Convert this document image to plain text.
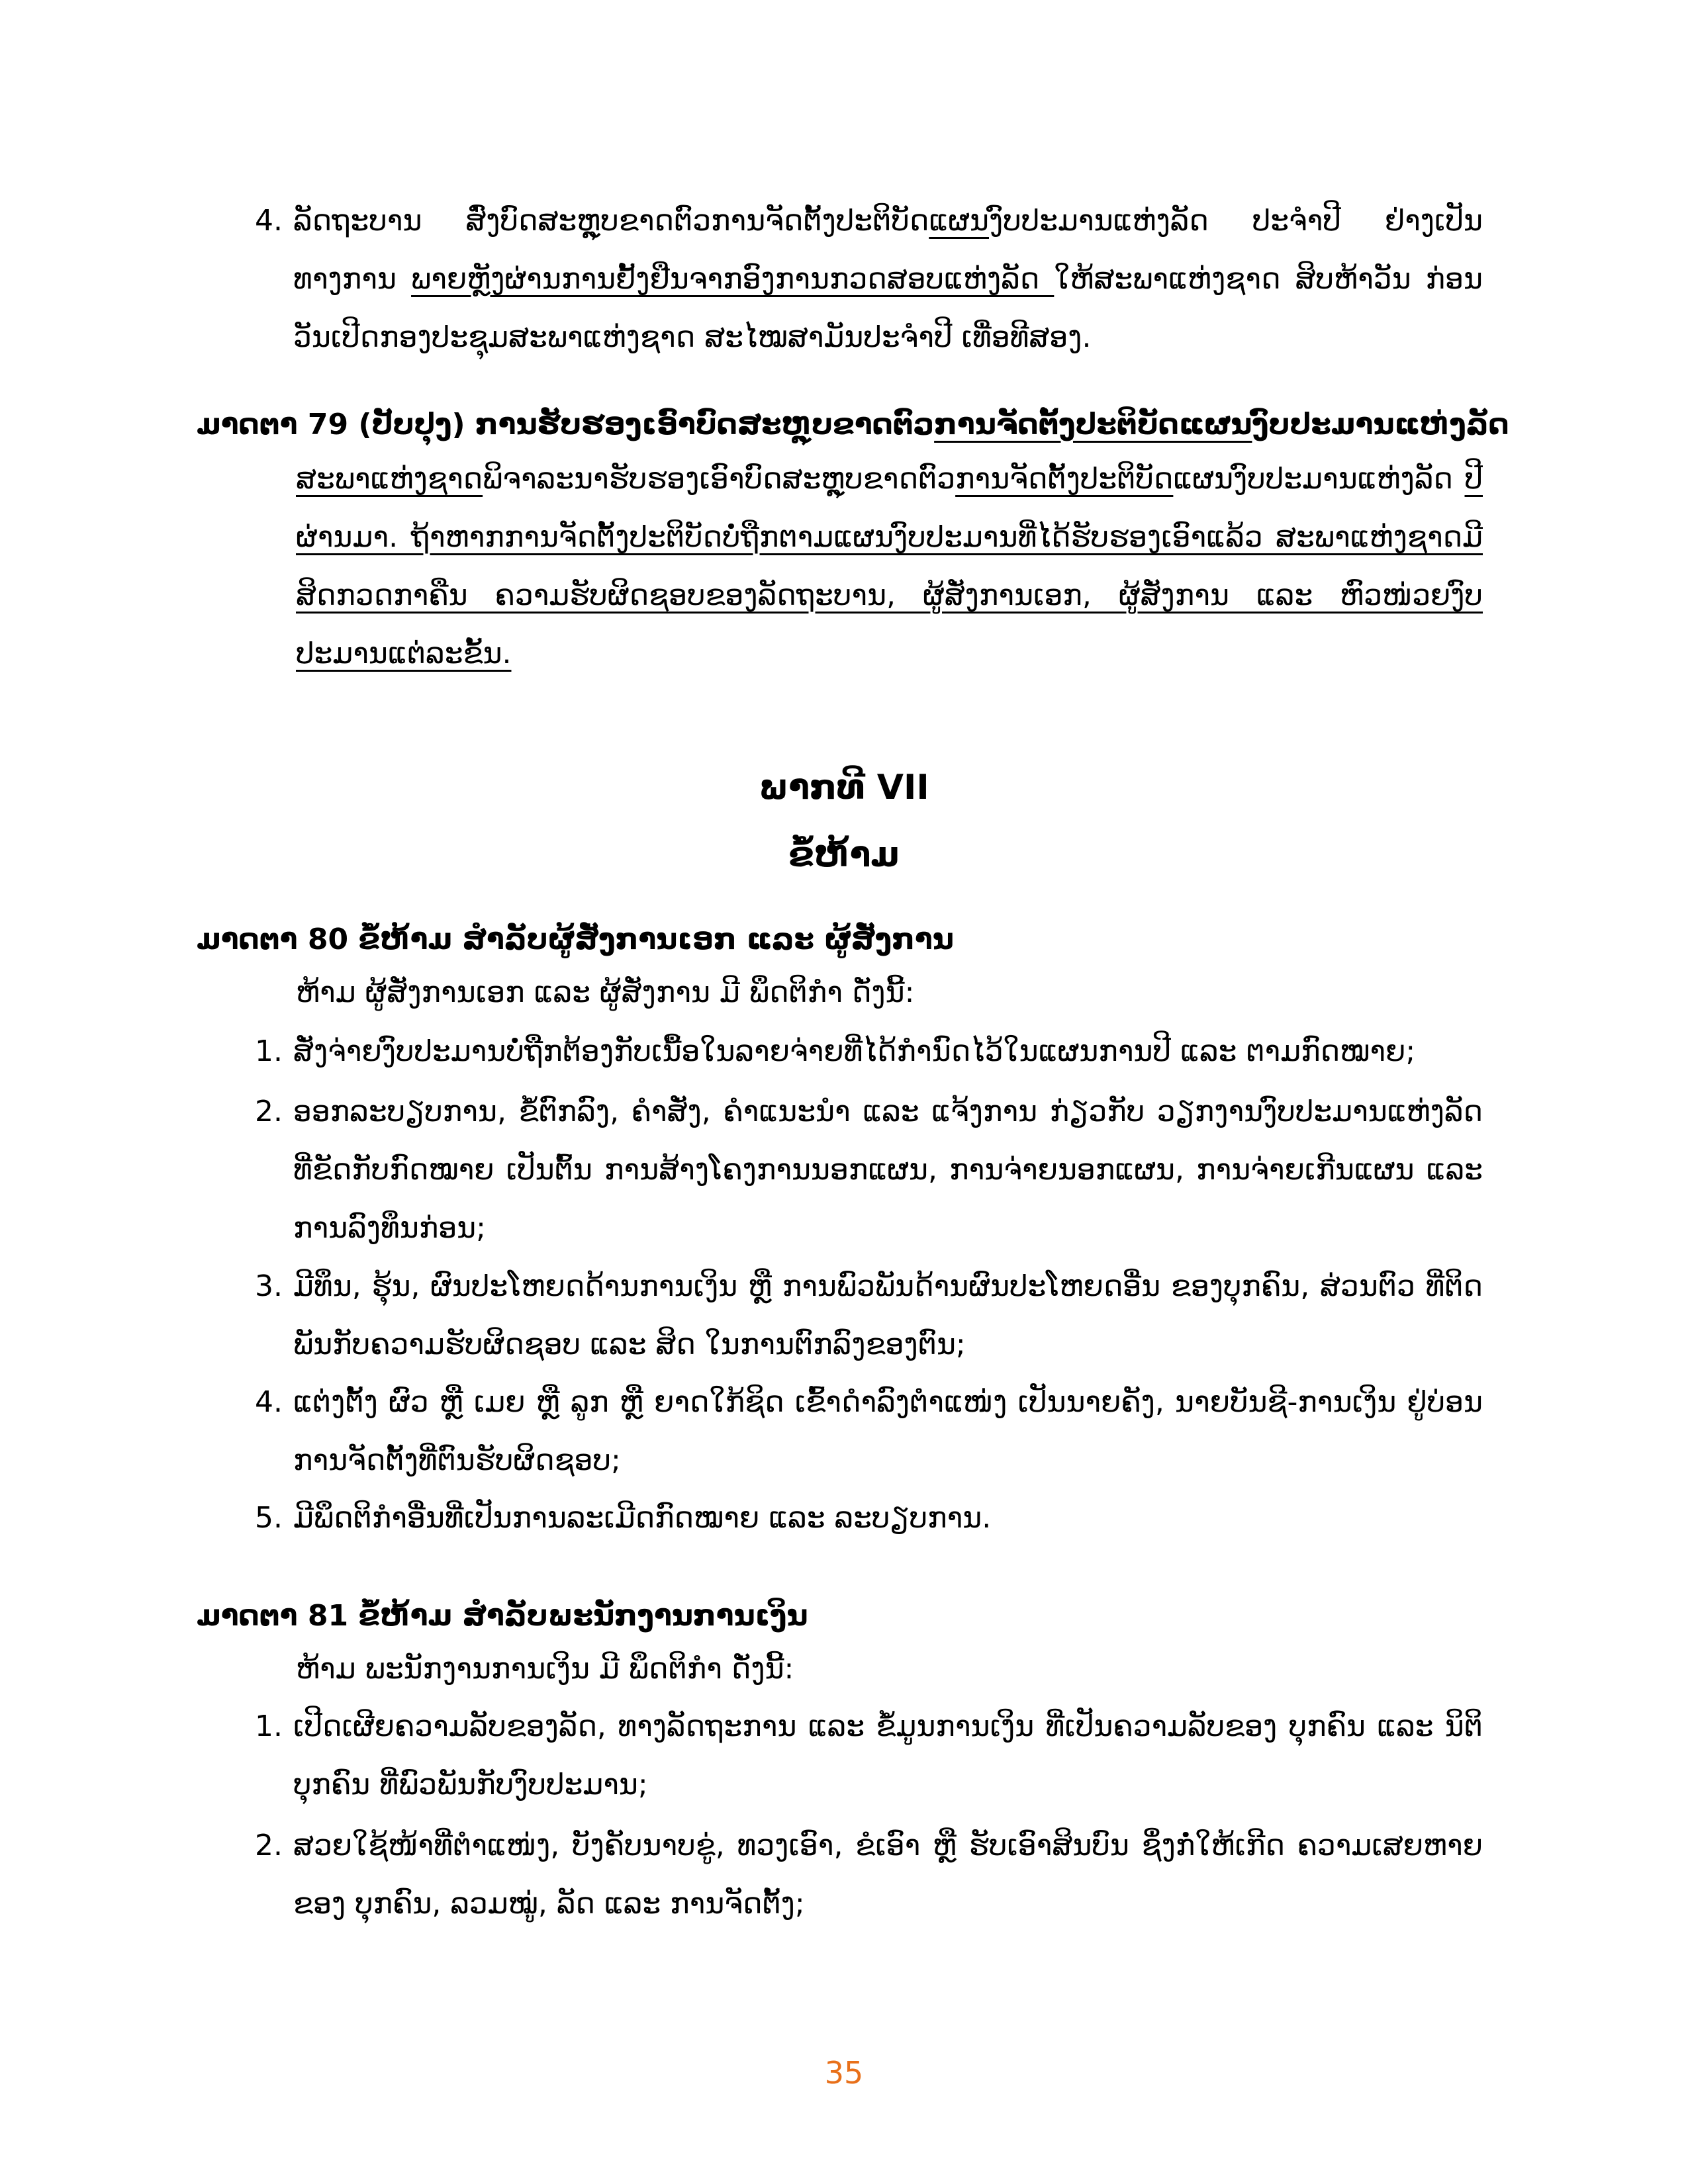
4. ລັດຖະບານ ສົ່ງບົດສະຫຼຸບຂາດຕົວການຈັດຕັ້ງປະຕິບັດແຜນງົບປະມານແຫ່ງລັດ ປະຈຳປີ ຢ່າງເປັນທາງການ ພາຍຫຼັງຜ່ານການຢັ້ງຢືນຈາກອົງການກວດສອບແຫ່ງລັດ ໃຫ້ສະພາແຫ່ງຊາດ ສິບຫ້າວັນ ກ່ອນວັນເປີດກອງປະຊຸມສະພາແຫ່ງຊາດ ສະໄໝສາມັນປະຈຳປີ ເທື່ອທີສອງ.
ມາດຕາ 79 (ປັບປຸງ) ການຮັບຮອງເອົາບົດສະຫຼຸບຂາດຕົວການຈັດຕັ້ງປະຕິບັດແຜນງົບປະມານແຫ່ງລັດ
ສະພາແຫ່ງຊາດພິຈາລະນາຮັບຮອງເອົາບົດສະຫຼຸບຂາດຕົວການຈັດຕັ້ງປະຕິບັດແຜນງົບປະມານແຫ່ງລັດ ປີຜ່ານມາ. ຖ້າຫາກການຈັດຕັ້ງປະຕິບັດບໍ່ຖືກຕາມແຜນງົບປະມານທີ່ໄດ້ຮັບຮອງເອົາແລ້ວ ສະພາແຫ່ງຊາດມີສິດກວດກາຄືນ ຄວາມຮັບຜິດຊອບຂອງລັດຖະບານ, ຜູ້ສັ່ງການເອກ, ຜູ້ສັ່ງການ ແລະ ຫົວໜ່ວຍງົບປະມານແຕ່ລະຂັ້ນ.
ພາກທີ VII
ຂໍ້ຫ້າມ
ມາດຕາ 80 ຂໍ້ຫ້າມ ສຳລັບຜູ້ສັ່ງການເອກ ແລະ ຜູ້ສັ່ງການ
ຫ້າມ ຜູ້ສັ່ງການເອກ ແລະ ຜູ້ສັ່ງການ ມີ ພຶດຕິກຳ ດັ່ງນີ້:
1. ສັ່ງຈ່າຍງົບປະມານບໍ່ຖືກຕ້ອງກັບເນື້ອໃນລາຍຈ່າຍທີ່ໄດ້ກຳນົດໄວ້ໃນແຜນການປີ ແລະ ຕາມກົດໝາຍ;
2. ອອກລະບຽບການ, ຂໍ້ຕົກລົງ, ຄຳສັ່ງ, ຄຳແນະນຳ ແລະ ແຈ້ງການ ກ່ຽວກັບ ວຽກງານງົບປະມານແຫ່ງລັດ ທີ່ຂັດກັບກົດໝາຍ ເປັນຕົ້ນ ການສ້າງໂຄງການນອກແຜນ, ການຈ່າຍນອກແຜນ, ການຈ່າຍເກີນແຜນ ແລະ ການລົງທຶນກ່ອນ;
3. ມີທຶນ, ຮຸ້ນ, ຜົນປະໂຫຍດດ້ານການເງິນ ຫຼື ການພົວພັນດ້ານຜົນປະໂຫຍດອື່ນ ຂອງບຸກຄົນ, ສ່ວນຕົວ ທີ່ຕິດພັນກັບຄວາມຮັບຜິດຊອບ ແລະ ສິດ ໃນການຕົກລົງຂອງຕົນ;
4. ແຕ່ງຕັ້ງ ຜົວ ຫຼື ເມຍ ຫຼື ລູກ ຫຼື ຍາດໃກ້ຊິດ ເຂົ້າດຳລົງຕຳແໜ່ງ ເປັນນາຍຄັງ, ນາຍບັນຊີ-ການເງິນ ຢູ່ບ່ອນການຈັດຕັ້ງທີ່ຕົນຮັບຜິດຊອບ;
5. ມີພຶດຕິກຳອື່ນທີ່ເປັນການລະເມີດກົດໝາຍ ແລະ ລະບຽບການ.
ມາດຕາ 81 ຂໍ້ຫ້າມ ສຳລັບພະນັກງານການເງິນ
ຫ້າມ ພະນັກງານການເງິນ ມີ ພຶດຕິກຳ ດັ່ງນີ້:
1. ເປີດເຜີຍຄວາມລັບຂອງລັດ, ທາງລັດຖະການ ແລະ ຂໍ້ມູນການເງິນ ທີ່ເປັນຄວາມລັບຂອງ ບຸກຄົນ ແລະ ນິຕິບຸກຄົນ ທີ່ພົວພັນກັບງົບປະມານ;
2. ສວຍໃຊ້ໜ້າທີ່ຕຳແໜ່ງ, ບັງຄັບນາບຂູ່, ທວງເອົາ, ຂໍເອົາ ຫຼື ຮັບເອົາສິນບົນ ຊຶ່ງກໍ່ໃຫ້ເກີດ ຄວາມເສຍຫາຍຂອງ ບຸກຄົນ, ລວມໝູ່, ລັດ ແລະ ການຈັດຕັ້ງ;
35
